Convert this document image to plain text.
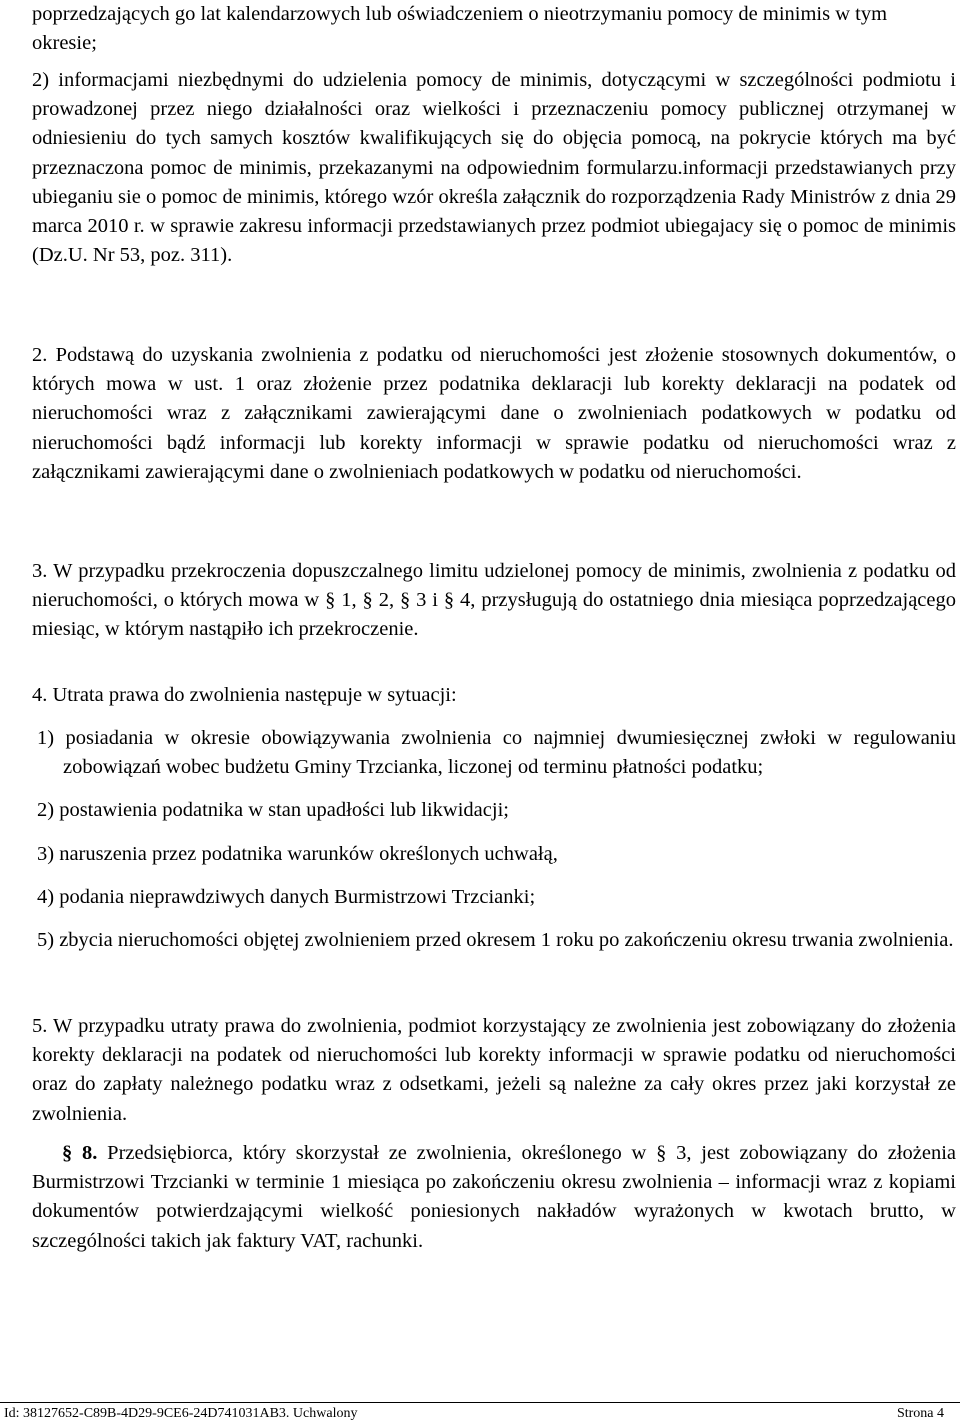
poprzedzających go lat kalendarzowych lub oświadczeniem o nieotrzymaniu pomocy de minimis w tym okresie;

2) informacjami niezbędnymi do udzielenia pomocy de minimis, dotyczącymi w szczególności podmiotu i prowadzonej przez niego działalności oraz wielkości i przeznaczeniu pomocy publicznej otrzymanej w odniesieniu do tych samych kosztów kwalifikujących się do objęcia pomocą, na pokrycie których ma być przeznaczona pomoc de minimis, przekazanymi na odpowiednim formularzu.informacji przedstawianych przy ubieganiu sie o pomoc de minimis, którego wzór określa załącznik do rozporządzenia Rady Ministrów z dnia 29 marca 2010 r. w sprawie zakresu informacji przedstawianych przez podmiot ubiegajacy się o pomoc de minimis (Dz.U. Nr 53, poz. 311).

2. Podstawą do uzyskania zwolnienia z podatku od nieruchomości jest złożenie stosownych dokumentów, o których mowa w ust. 1 oraz złożenie przez podatnika deklaracji lub korekty deklaracji na podatek od nieruchomości wraz z załącznikami zawierającymi dane o zwolnieniach podatkowych w podatku od nieruchomości bądź informacji lub korekty informacji w sprawie podatku od nieruchomości wraz z załącznikami zawierającymi dane o zwolnieniach podatkowych w podatku od nieruchomości.

3. W przypadku przekroczenia dopuszczalnego limitu udzielonej pomocy de minimis, zwolnienia z podatku od nieruchomości, o których mowa w § 1, § 2, § 3 i § 4, przysługują do ostatniego dnia miesiąca poprzedzającego miesiąc, w którym nastąpiło ich przekroczenie.

4. Utrata prawa do zwolnienia następuje w sytuacji:

1) posiadania w okresie obowiązywania zwolnienia co najmniej dwumiesięcznej zwłoki w regulowaniu zobowiązań wobec budżetu Gminy Trzcianka, liczonej od terminu płatności podatku;
2) postawienia podatnika w stan upadłości lub likwidacji;
3) naruszenia przez podatnika warunków określonych uchwałą,
4) podania nieprawdziwych danych Burmistrzowi Trzcianki;
5) zbycia nieruchomości objętej zwolnieniem przed okresem 1 roku po zakończeniu okresu trwania zwolnienia.

5. W przypadku utraty prawa do zwolnienia, podmiot korzystający ze zwolnienia jest zobowiązany do złożenia korekty deklaracji na podatek od nieruchomości lub korekty informacji w sprawie podatku od nieruchomości oraz do zapłaty należnego podatku wraz z odsetkami, jeżeli są należne za cały okres przez jaki korzystał ze zwolnienia.

§ 8. Przedsiębiorca, który skorzystał ze zwolnienia, określonego w § 3, jest zobowiązany do złożenia Burmistrzowi Trzcianki w terminie 1 miesiąca po zakończeniu okresu zwolnienia – informacji wraz z kopiami dokumentów potwierdzającymi wielkość poniesionych nakładów wyrażonych w kwotach brutto, w szczególności takich jak faktury VAT, rachunki.

Id: 38127652-C89B-4D29-9CE6-24D741031AB3. Uchwalony	Strona 4
